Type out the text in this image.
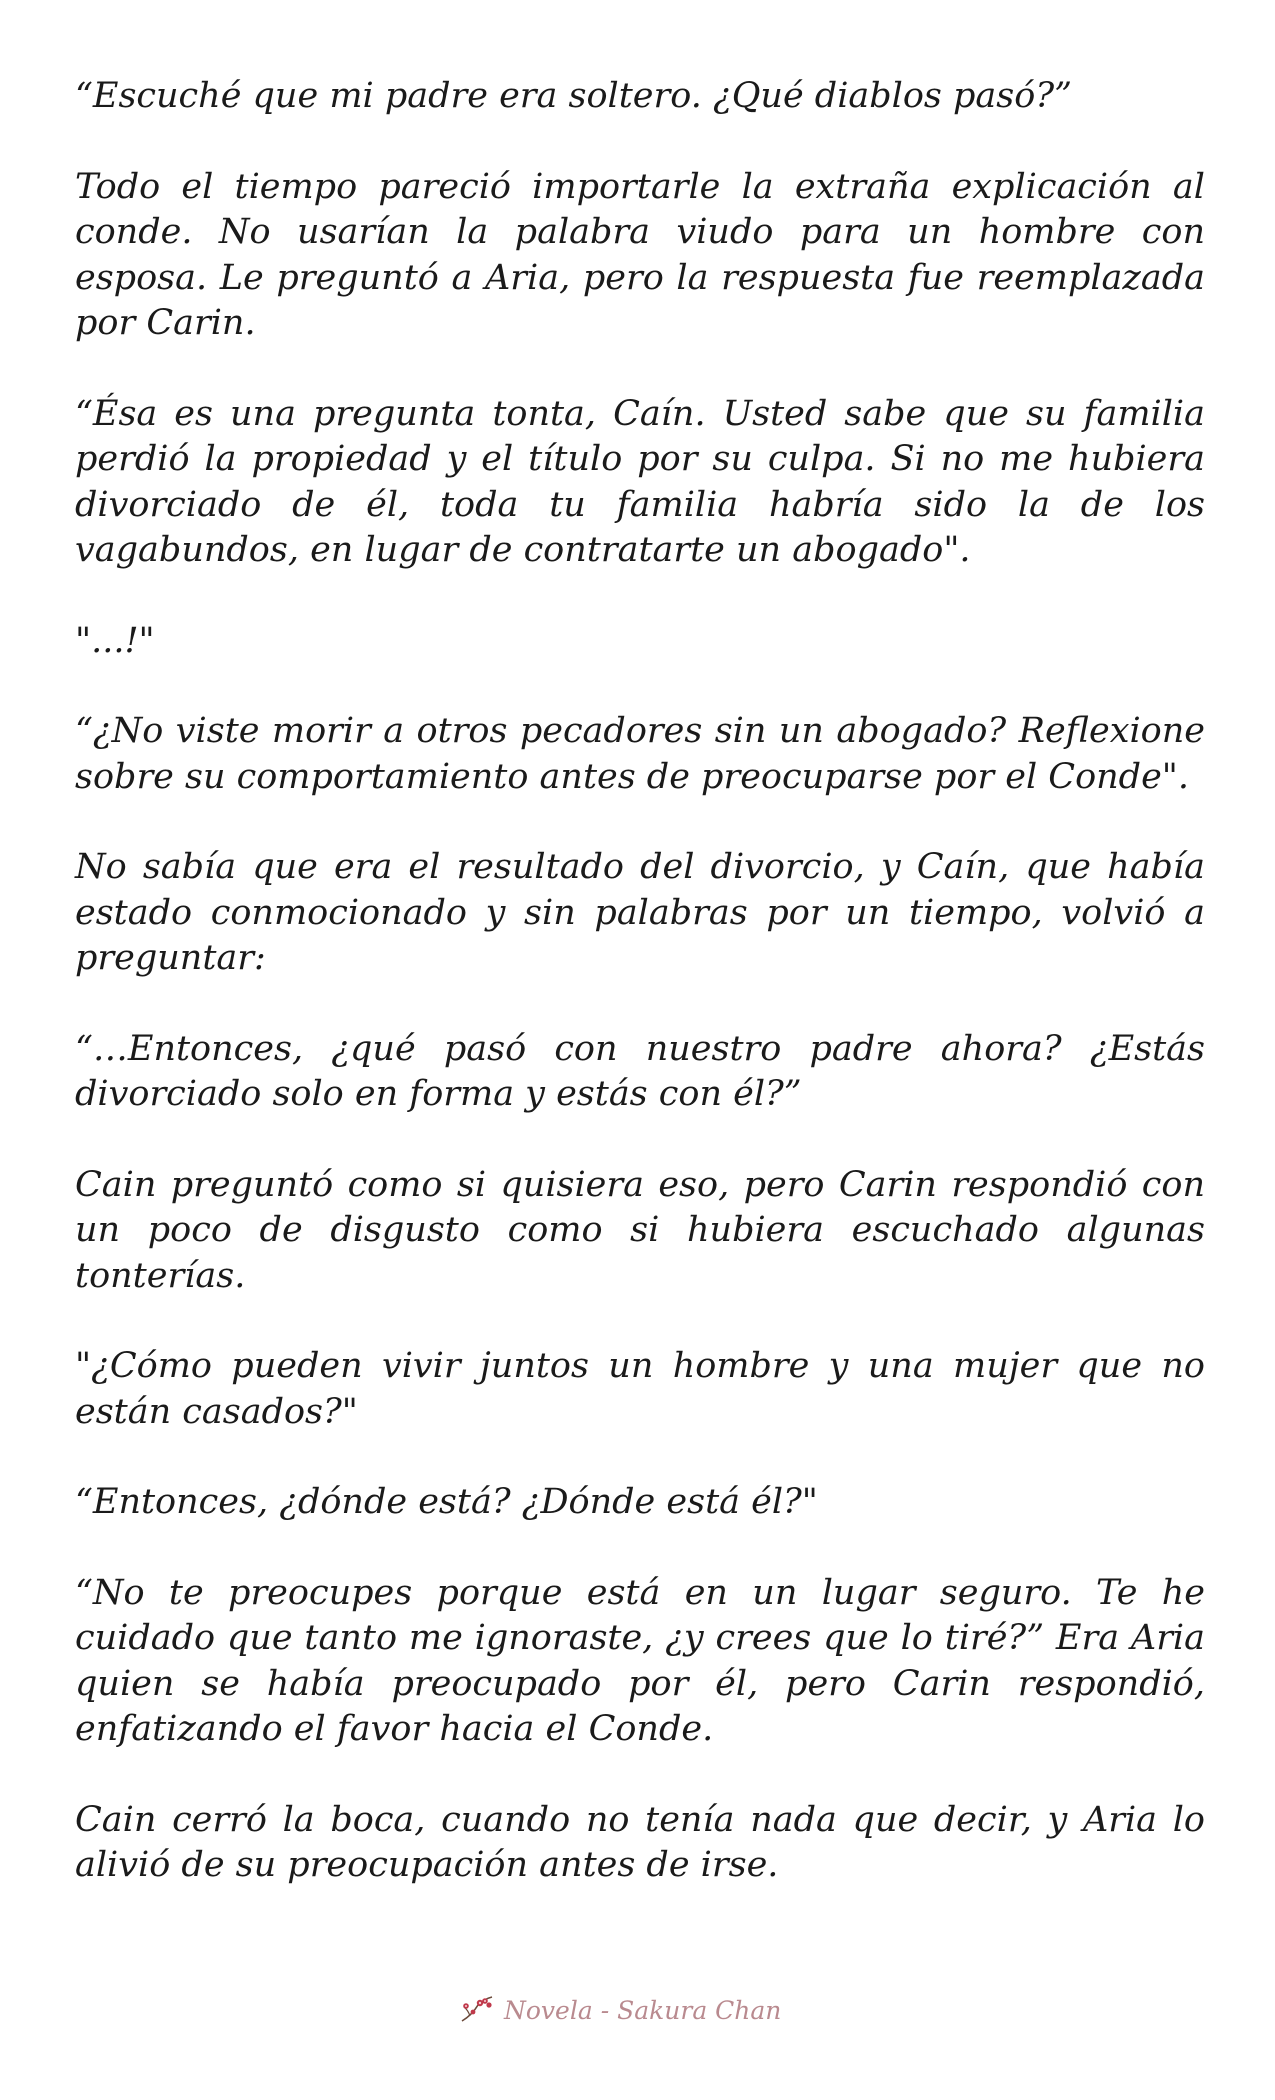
“Escuché que mi padre era soltero. ¿Qué diablos pasó?”

Todo el tiempo pareció importarle la extraña explicación al conde. No usarían la palabra viudo para un hombre con esposa. Le preguntó a Aria, pero la respuesta fue reemplazada por Carin.

“Ésa es una pregunta tonta, Caín. Usted sabe que su familia perdió la propiedad y el título por su culpa. Si no me hubiera divorciado de él, toda tu familia habría sido la de los vagabundos, en lugar de contratarte un abogado".

"...!"

“¿No viste morir a otros pecadores sin un abogado? Reflexione sobre su comportamiento antes de preocuparse por el Conde".

No sabía que era el resultado del divorcio, y Caín, que había estado conmocionado y sin palabras por un tiempo, volvió a preguntar:

“…Entonces, ¿qué pasó con nuestro padre ahora? ¿Estás divorciado solo en forma y estás con él?”

Cain preguntó como si quisiera eso, pero Carin respondió con un poco de disgusto como si hubiera escuchado algunas tonterías.

"¿Cómo pueden vivir juntos un hombre y una mujer que no están casados?"

“Entonces, ¿dónde está? ¿Dónde está él?"

“No te preocupes porque está en un lugar seguro. Te he cuidado que tanto me ignoraste, ¿y crees que lo tiré?” Era Aria quien se había preocupado por él, pero Carin respondió, enfatizando el favor hacia el Conde.

Cain cerró la boca, cuando no tenía nada que decir, y Aria lo alivió de su preocupación antes de irse.

Novela - Sakura Chan
